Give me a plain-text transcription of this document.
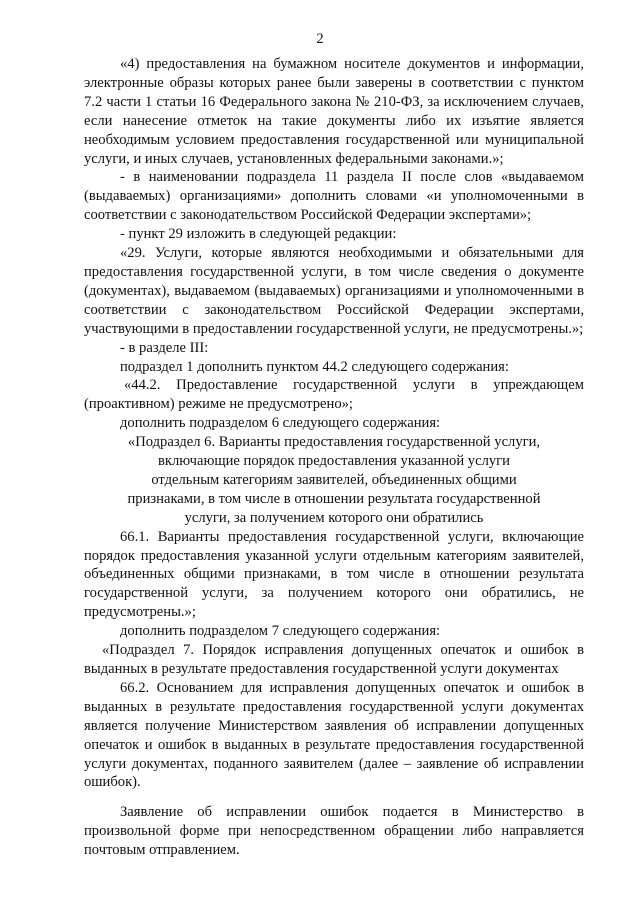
2

«4) предоставления на бумажном носителе документов и информации, электронные образы которых ранее были заверены в соответствии с пунктом 7.2 части 1 статьи 16 Федерального закона № 210-ФЗ, за исключением случаев, если нанесение отметок на такие документы либо их изъятие является необходимым условием предоставления государственной или муниципальной услуги, и иных случаев, установленных федеральными законами.»;

- в наименовании подраздела 11 раздела II после слов «выдаваемом (выдаваемых) организациями» дополнить словами «и уполномоченными в соответствии с законодательством Российской Федерации экспертами»;

- пункт 29 изложить в следующей редакции:

«29. Услуги, которые являются необходимыми и обязательными для предоставления государственной услуги, в том числе сведения о документе (документах), выдаваемом (выдаваемых) организациями и уполномоченными в соответствии с законодательством Российской Федерации экспертами, участвующими в предоставлении государственной услуги, не предусмотрены.»;

- в разделе III:

подраздел 1 дополнить пунктом 44.2 следующего содержания:

«44.2. Предоставление государственной услуги в упреждающем (проактивном) режиме не предусмотрено»;

дополнить подразделом 6 следующего содержания:

«Подраздел 6. Варианты предоставления государственной услуги, включающие порядок предоставления указанной услуги отдельным категориям заявителей, объединенных общими признаками, в том числе в отношении результата государственной услуги, за получением которого они обратились

66.1. Варианты предоставления государственной услуги, включающие порядок предоставления указанной услуги отдельным категориям заявителей, объединенных общими признаками, в том числе в отношении результата государственной услуги, за получением которого они обратились, не предусмотрены.»;

дополнить подразделом 7 следующего содержания:

«Подраздел 7. Порядок исправления допущенных опечаток и ошибок в выданных в результате предоставления государственной услуги документах

66.2. Основанием для исправления допущенных опечаток и ошибок в выданных в результате предоставления государственной услуги документах является получение Министерством заявления об исправлении допущенных опечаток и ошибок в выданных в результате предоставления государственной услуги документах, поданного заявителем (далее – заявление об исправлении ошибок).

Заявление об исправлении ошибок подается в Министерство в произвольной форме при непосредственном обращении либо направляется почтовым отправлением.
